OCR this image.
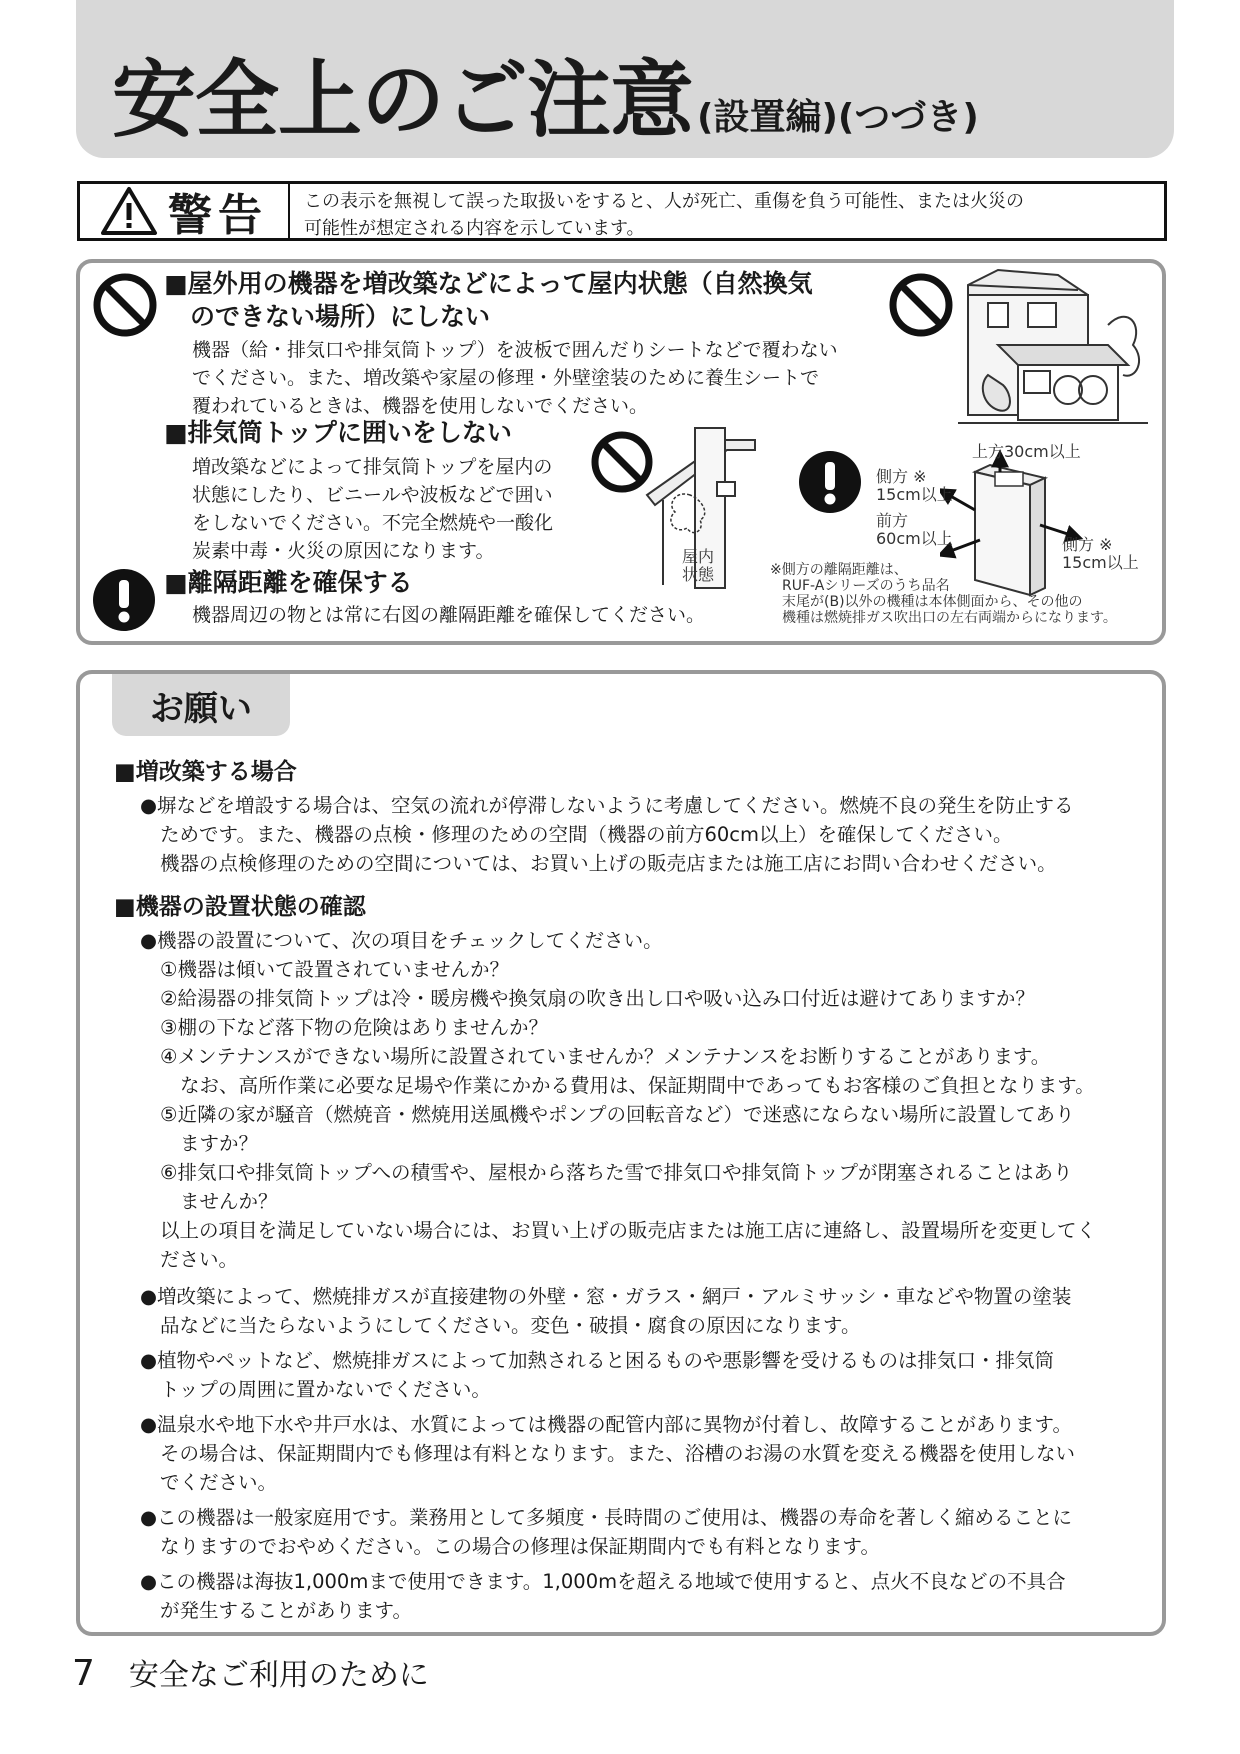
安全上のご注意 (設置編)(つづき)
警告 この表示を無視して誤った取扱いをすると、人が死亡、重傷を負う可能性、または火災の
可能性が想定される内容を示しています。
■屋外用の機器を増改築などによって屋内状態（自然換気
のできない場所）にしない
機器（給・排気口や排気筒トップ）を波板で囲んだりシートなどで覆わない
でください。また、増改築や家屋の修理・外壁塗装のために養生シートで
覆われているときは、機器を使用しないでください。
■排気筒トップに囲いをしない
増改築などによって排気筒トップを屋内の
状態にしたり、ビニールや波板などで囲い
をしないでください。不完全燃焼や一酸化
炭素中毒・火災の原因になります。	屋内
状態
■離隔距離を確保する
機器周辺の物とは常に右図の離隔距離を確保してください。
上方30cm以上
側方 ※
15cm以上
前方
60cm以上	側方 ※
15cm以上
※側方の離隔距離は、
RUF-Aシリーズのうち品名
末尾が(B)以外の機種は本体側面から、その他の
機種は燃焼排ガス吹出口の左右両端からになります。
お願い
■増改築する場合
●塀などを増設する場合は、空気の流れが停滞しないように考慮してください。燃焼不良の発生を防止する
ためです。また、機器の点検・修理のための空間（機器の前方60cm以上）を確保してください。
機器の点検修理のための空間については、お買い上げの販売店または施工店にお問い合わせください。
■機器の設置状態の確認
●機器の設置について、次の項目をチェックしてください。
①機器は傾いて設置されていませんか？
②給湯器の排気筒トップは冷・暖房機や換気扇の吹き出し口や吸い込み口付近は避けてありますか？
③棚の下など落下物の危険はありませんか？
④メンテナンスができない場所に設置されていませんか？メンテナンスをお断りすることがあります。
なお、高所作業に必要な足場や作業にかかる費用は、保証期間中であってもお客様のご負担となります。
⑤近隣の家が騒音（燃焼音・燃焼用送風機やポンプの回転音など）で迷惑にならない場所に設置してあり
ますか？
⑥排気口や排気筒トップへの積雪や、屋根から落ちた雪で排気口や排気筒トップが閉塞されることはあり
ませんか？
以上の項目を満足していない場合には、お買い上げの販売店または施工店に連絡し、設置場所を変更してく
ださい。
●増改築によって、燃焼排ガスが直接建物の外壁・窓・ガラス・網戸・アルミサッシ・車などや物置の塗装
品などに当たらないようにしてください。変色・破損・腐食の原因になります。
●植物やペットなど、燃焼排ガスによって加熱されると困るものや悪影響を受けるものは排気口・排気筒
トップの周囲に置かないでください。
●温泉水や地下水や井戸水は、水質によっては機器の配管内部に異物が付着し、故障することがあります。
その場合は、保証期間内でも修理は有料となります。また、浴槽のお湯の水質を変える機器を使用しない
でください。
●この機器は一般家庭用です。業務用として多頻度・長時間のご使用は、機器の寿命を著しく縮めることに
なりますのでおやめください。この場合の修理は保証期間内でも有料となります。
●この機器は海抜1,000mまで使用できます。1,000mを超える地域で使用すると、点火不良などの不具合
が発生することがあります。
7 安全なご利用のために
